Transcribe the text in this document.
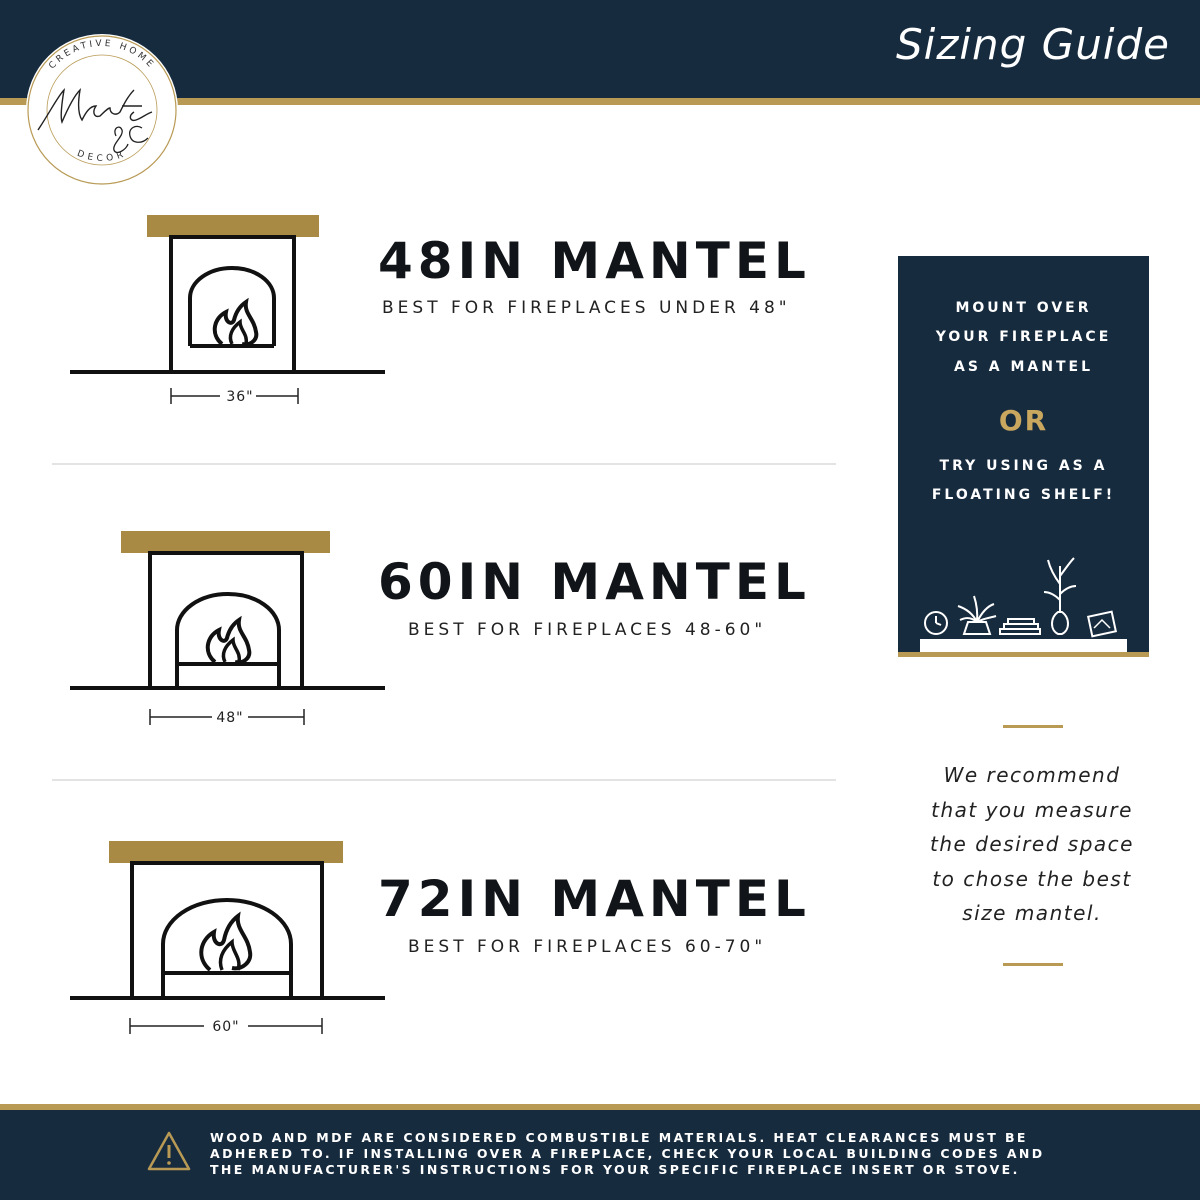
Sizing Guide
CREATIVE HOME
DECOR
36"
48"
60"
48IN MANTEL
BEST FOR FIREPLACES UNDER 48"
60IN MANTEL
BEST FOR FIREPLACES 48-60"
72IN MANTEL
BEST FOR FIREPLACES 60-70"
MOUNT OVER
YOUR FIREPLACE
AS A MANTEL
OR
TRY USING AS A
FLOATING SHELF!
We recommend
that you measure
the desired space
to chose the best
size mantel.
WOOD AND MDF ARE CONSIDERED COMBUSTIBLE MATERIALS. HEAT CLEARANCES MUST BE
ADHERED TO. IF INSTALLING OVER A FIREPLACE, CHECK YOUR LOCAL BUILDING CODES AND
THE MANUFACTURER'S INSTRUCTIONS FOR YOUR SPECIFIC FIREPLACE INSERT OR STOVE.
